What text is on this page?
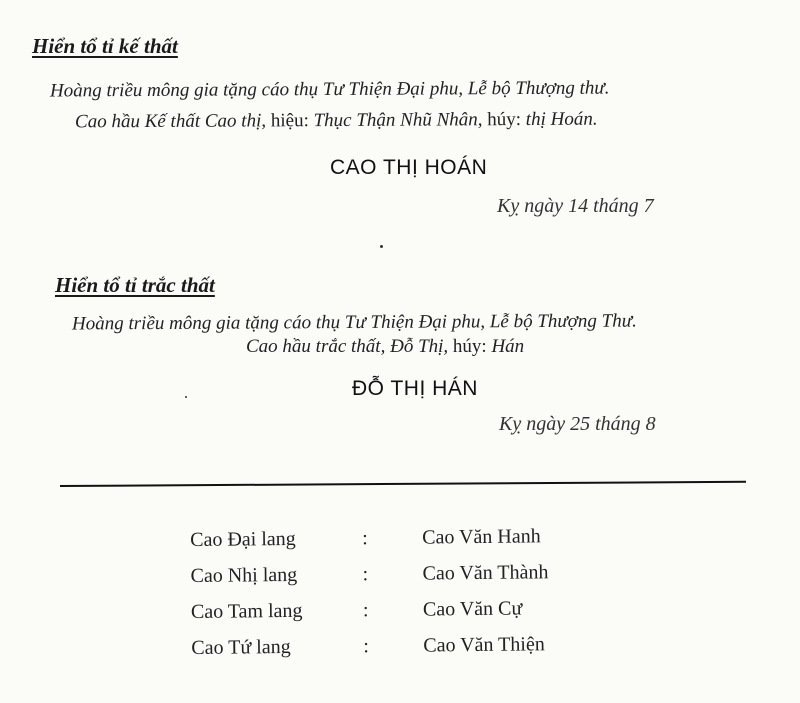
Hiển tổ tỉ kế thất
Hoàng triều mông gia tặng cáo thụ Tư Thiện Đại phu, Lễ bộ Thượng thư.
Cao hầu Kế thất Cao thị, hiệu: Thục Thận Nhũ Nhân, húy: thị Hoán.
CAO THỊ HOÁN
Kỵ ngày 14 tháng 7
Hiển tổ tỉ trắc thất
Hoàng triều mông gia tặng cáo thụ Tư Thiện Đại phu, Lễ bộ Thượng Thư.
Cao hầu trắc thất, Đỗ Thị, húy: Hán
ĐỖ THỊ HÁN
Kỵ ngày 25 tháng 8
Cao Đại lang	:	Cao Văn Hanh
Cao Nhị lang	:	Cao Văn Thành
Cao Tam lang	:	Cao Văn Cự
Cao Tứ lang	:	Cao Văn Thiện
